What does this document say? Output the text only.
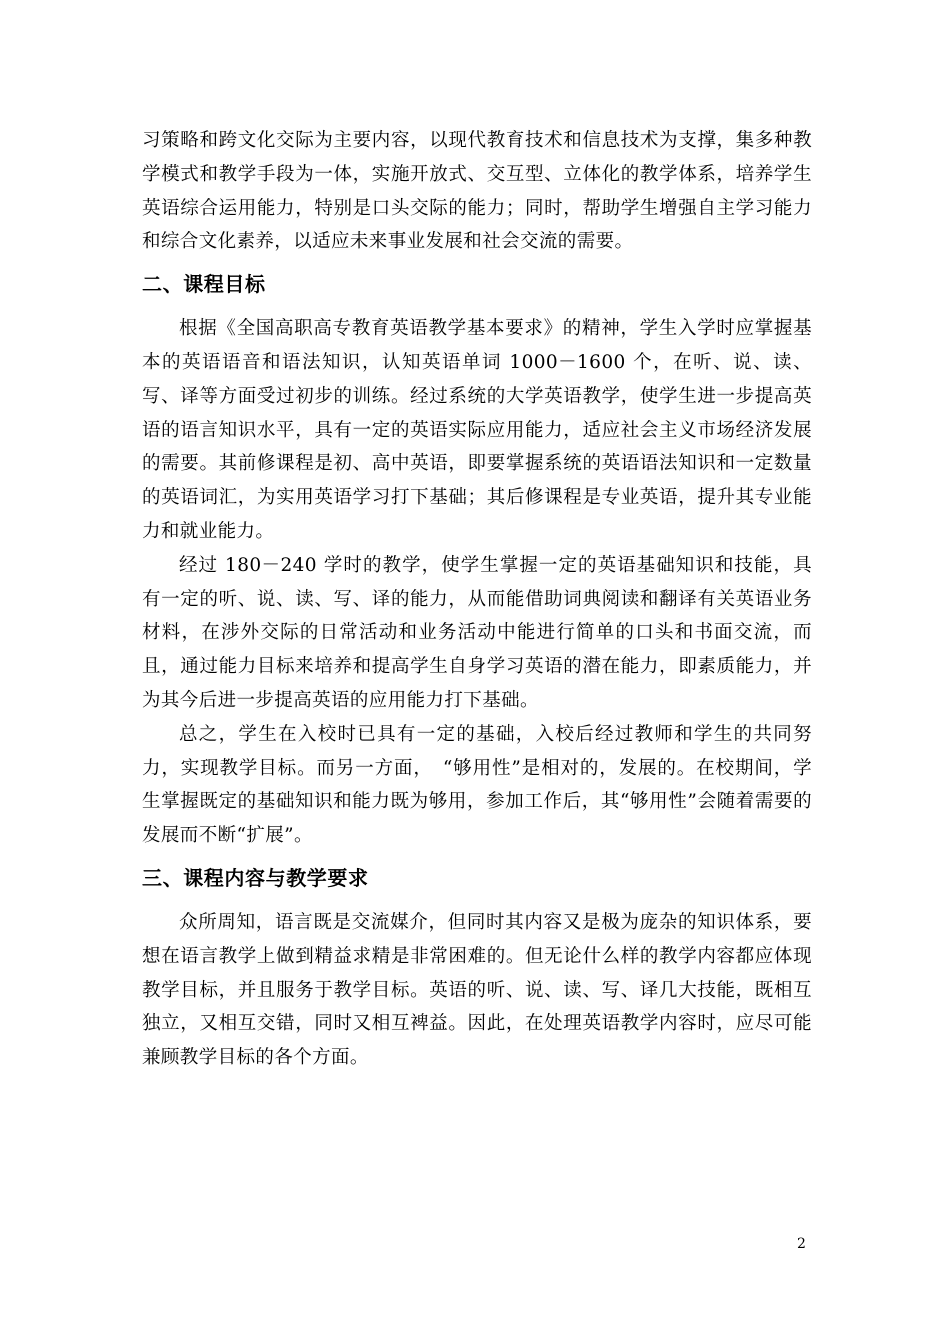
习策略和跨文化交际为主要内容，以现代教育技术和信息技术为支撑，集多种教学模式和教学手段为一体，实施开放式、交互型、立体化的教学体系，培养学生英语综合运用能力，特别是口头交际的能力；同时，帮助学生增强自主学习能力和综合文化素养，以适应未来事业发展和社会交流的需要。

二、课程目标

根据《全国高职高专教育英语教学基本要求》的精神，学生入学时应掌握基本的英语语音和语法知识，认知英语单词 1000－1600 个，在听、说、读、写、译等方面受过初步的训练。经过系统的大学英语教学，使学生进一步提高英语的语言知识水平，具有一定的英语实际应用能力，适应社会主义市场经济发展的需要。其前修课程是初、高中英语，即要掌握系统的英语语法知识和一定数量的英语词汇，为实用英语学习打下基础；其后修课程是专业英语，提升其专业能力和就业能力。

经过 180－240 学时的教学，使学生掌握一定的英语基础知识和技能，具有一定的听、说、读、写、译的能力，从而能借助词典阅读和翻译有关英语业务材料，在涉外交际的日常活动和业务活动中能进行简单的口头和书面交流，而且，通过能力目标来培养和提高学生自身学习英语的潜在能力，即素质能力，并为其今后进一步提高英语的应用能力打下基础。

总之，学生在入校时已具有一定的基础，入校后经过教师和学生的共同努力，实现教学目标。而另一方面，　“够用性”是相对的，发展的。在校期间，学生掌握既定的基础知识和能力既为够用，参加工作后，其“够用性”会随着需要的发展而不断“扩展”。

三、课程内容与教学要求

众所周知，语言既是交流媒介，但同时其内容又是极为庞杂的知识体系，要想在语言教学上做到精益求精是非常困难的。但无论什么样的教学内容都应体现教学目标，并且服务于教学目标。英语的听、说、读、写、译几大技能，既相互独立，又相互交错，同时又相互裨益。因此，在处理英语教学内容时，应尽可能兼顾教学目标的各个方面。

2
